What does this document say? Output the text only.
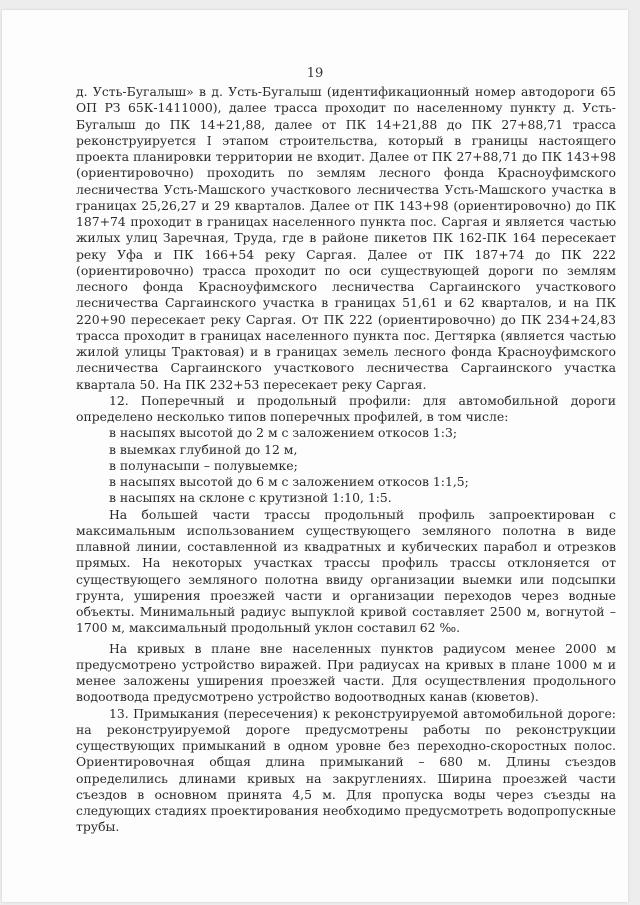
19

д. Усть-Бугалыш» в д. Усть-Бугалыш (идентификационный номер автодороги 65 ОП РЗ 65К-1411000), далее трасса проходит по населенному пункту д. Усть-Бугалыш до ПК 14+21,88, далее от ПК 14+21,88 до ПК 27+88,71 трасса реконструируется I этапом строительства, который в границы настоящего проекта планировки территории не входит. Далее от ПК 27+88,71 до ПК 143+98 (ориентировочно) проходить по землям лесного фонда Красноуфимского лесничества Усть-Машского участкового лесничества Усть-Машского участка в границах 25,26,27 и 29 кварталов. Далее от ПК 143+98 (ориентировочно) до ПК 187+74 проходит в границах населенного пункта пос. Саргая и является частью жилых улиц Заречная, Труда, где в районе пикетов ПК 162-ПК 164 пересекает реку Уфа и ПК 166+54 реку Саргая. Далее от ПК 187+74 до ПК 222 (ориентировочно) трасса проходит по оси существующей дороги по землям лесного фонда Красноуфимского лесничества Саргаинского участкового лесничества Саргаинского участка в границах 51,61 и 62 кварталов, и на ПК 220+90 пересекает реку Саргая. От ПК 222 (ориентировочно) до ПК 234+24,83 трасса проходит в границах населенного пункта пос. Дегтярка (является частью жилой улицы Трактовая) и в границах земель лесного фонда Красноуфимского лесничества Саргаинского участкового лесничества Саргаинского участка квартала 50. На ПК 232+53 пересекает реку Саргая.

12. Поперечный и продольный профили: для автомобильной дороги определено несколько типов поперечных профилей, в том числе:

в насыпях высотой до 2 м с заложением откосов 1:3;

в выемках глубиной до 12 м,

в полунасыпи – полувыемке;

в насыпях высотой до 6 м с заложением откосов 1:1,5;

в насыпях на склоне с крутизной 1:10, 1:5.

На большей части трассы продольный профиль запроектирован с максимальным использованием существующего земляного полотна в виде плавной линии, составленной из квадратных и кубических парабол и отрезков прямых. На некоторых участках трассы профиль трассы отклоняется от существующего земляного полотна ввиду организации выемки или подсыпки грунта, уширения проезжей части и организации переходов через водные объекты. Минимальный радиус выпуклой кривой составляет 2500 м, вогнутой – 1700 м, максимальный продольный уклон составил 62 ‰.

На кривых в плане вне населенных пунктов радиусом менее 2000 м предусмотрено устройство виражей. При радиусах на кривых в плане 1000 м и менее заложены уширения проезжей части. Для осуществления продольного водоотвода предусмотрено устройство водоотводных канав (кюветов).

13. Примыкания (пересечения) к реконструируемой автомобильной дороге: на реконструируемой дороге предусмотрены работы по реконструкции существующих примыканий в одном уровне без переходно-скоростных полос. Ориентировочная общая длина примыканий – 680 м. Длины съездов определились длинами кривых на закруглениях. Ширина проезжей части съездов в основном принята 4,5 м. Для пропуска воды через съезды на следующих стадиях проектирования необходимо предусмотреть водопропускные трубы.
